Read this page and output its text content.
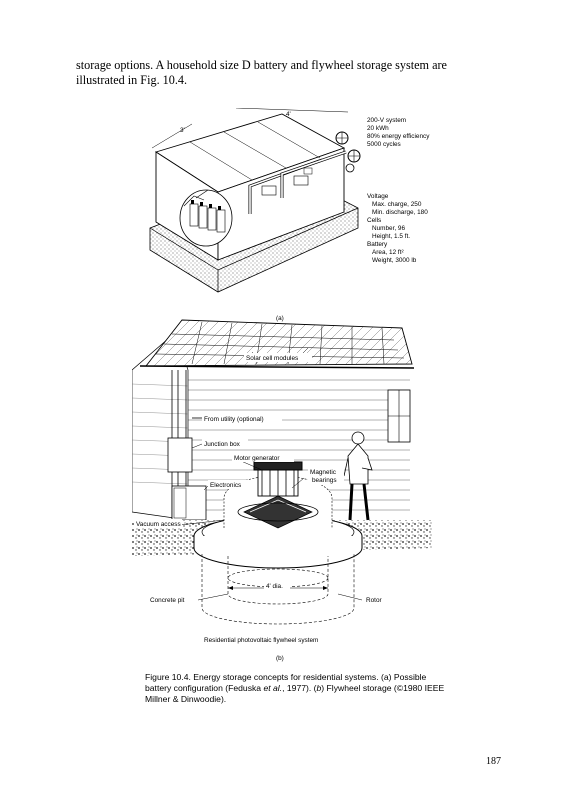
storage options. A household size D battery and flywheel storage system are
illustrated in Fig. 10.4.
3'
4'
200-V system
20 kWh
80% energy efficiency
5000 cycles
Voltage
Max. charge, 250
Min. discharge, 180
Cells
Number, 96
Height, 1.5 ft.
Battery
Area, 12 ft²
Weight, 3000 lb
(a)
Solar cell modules
From utility (optional)
Junction box
Motor generator
Magnetic
bearings
Electronics
Vacuum access
4' dia.
Concrete pit	Rotor
Residential photovoltaic flywheel system
(b)
Figure 10.4. Energy storage concepts for residential systems. (a) Possible
battery configuration (Feduska et al., 1977). (b) Flywheel storage (©1980 IEEE
Millner & Dinwoodie).
187
